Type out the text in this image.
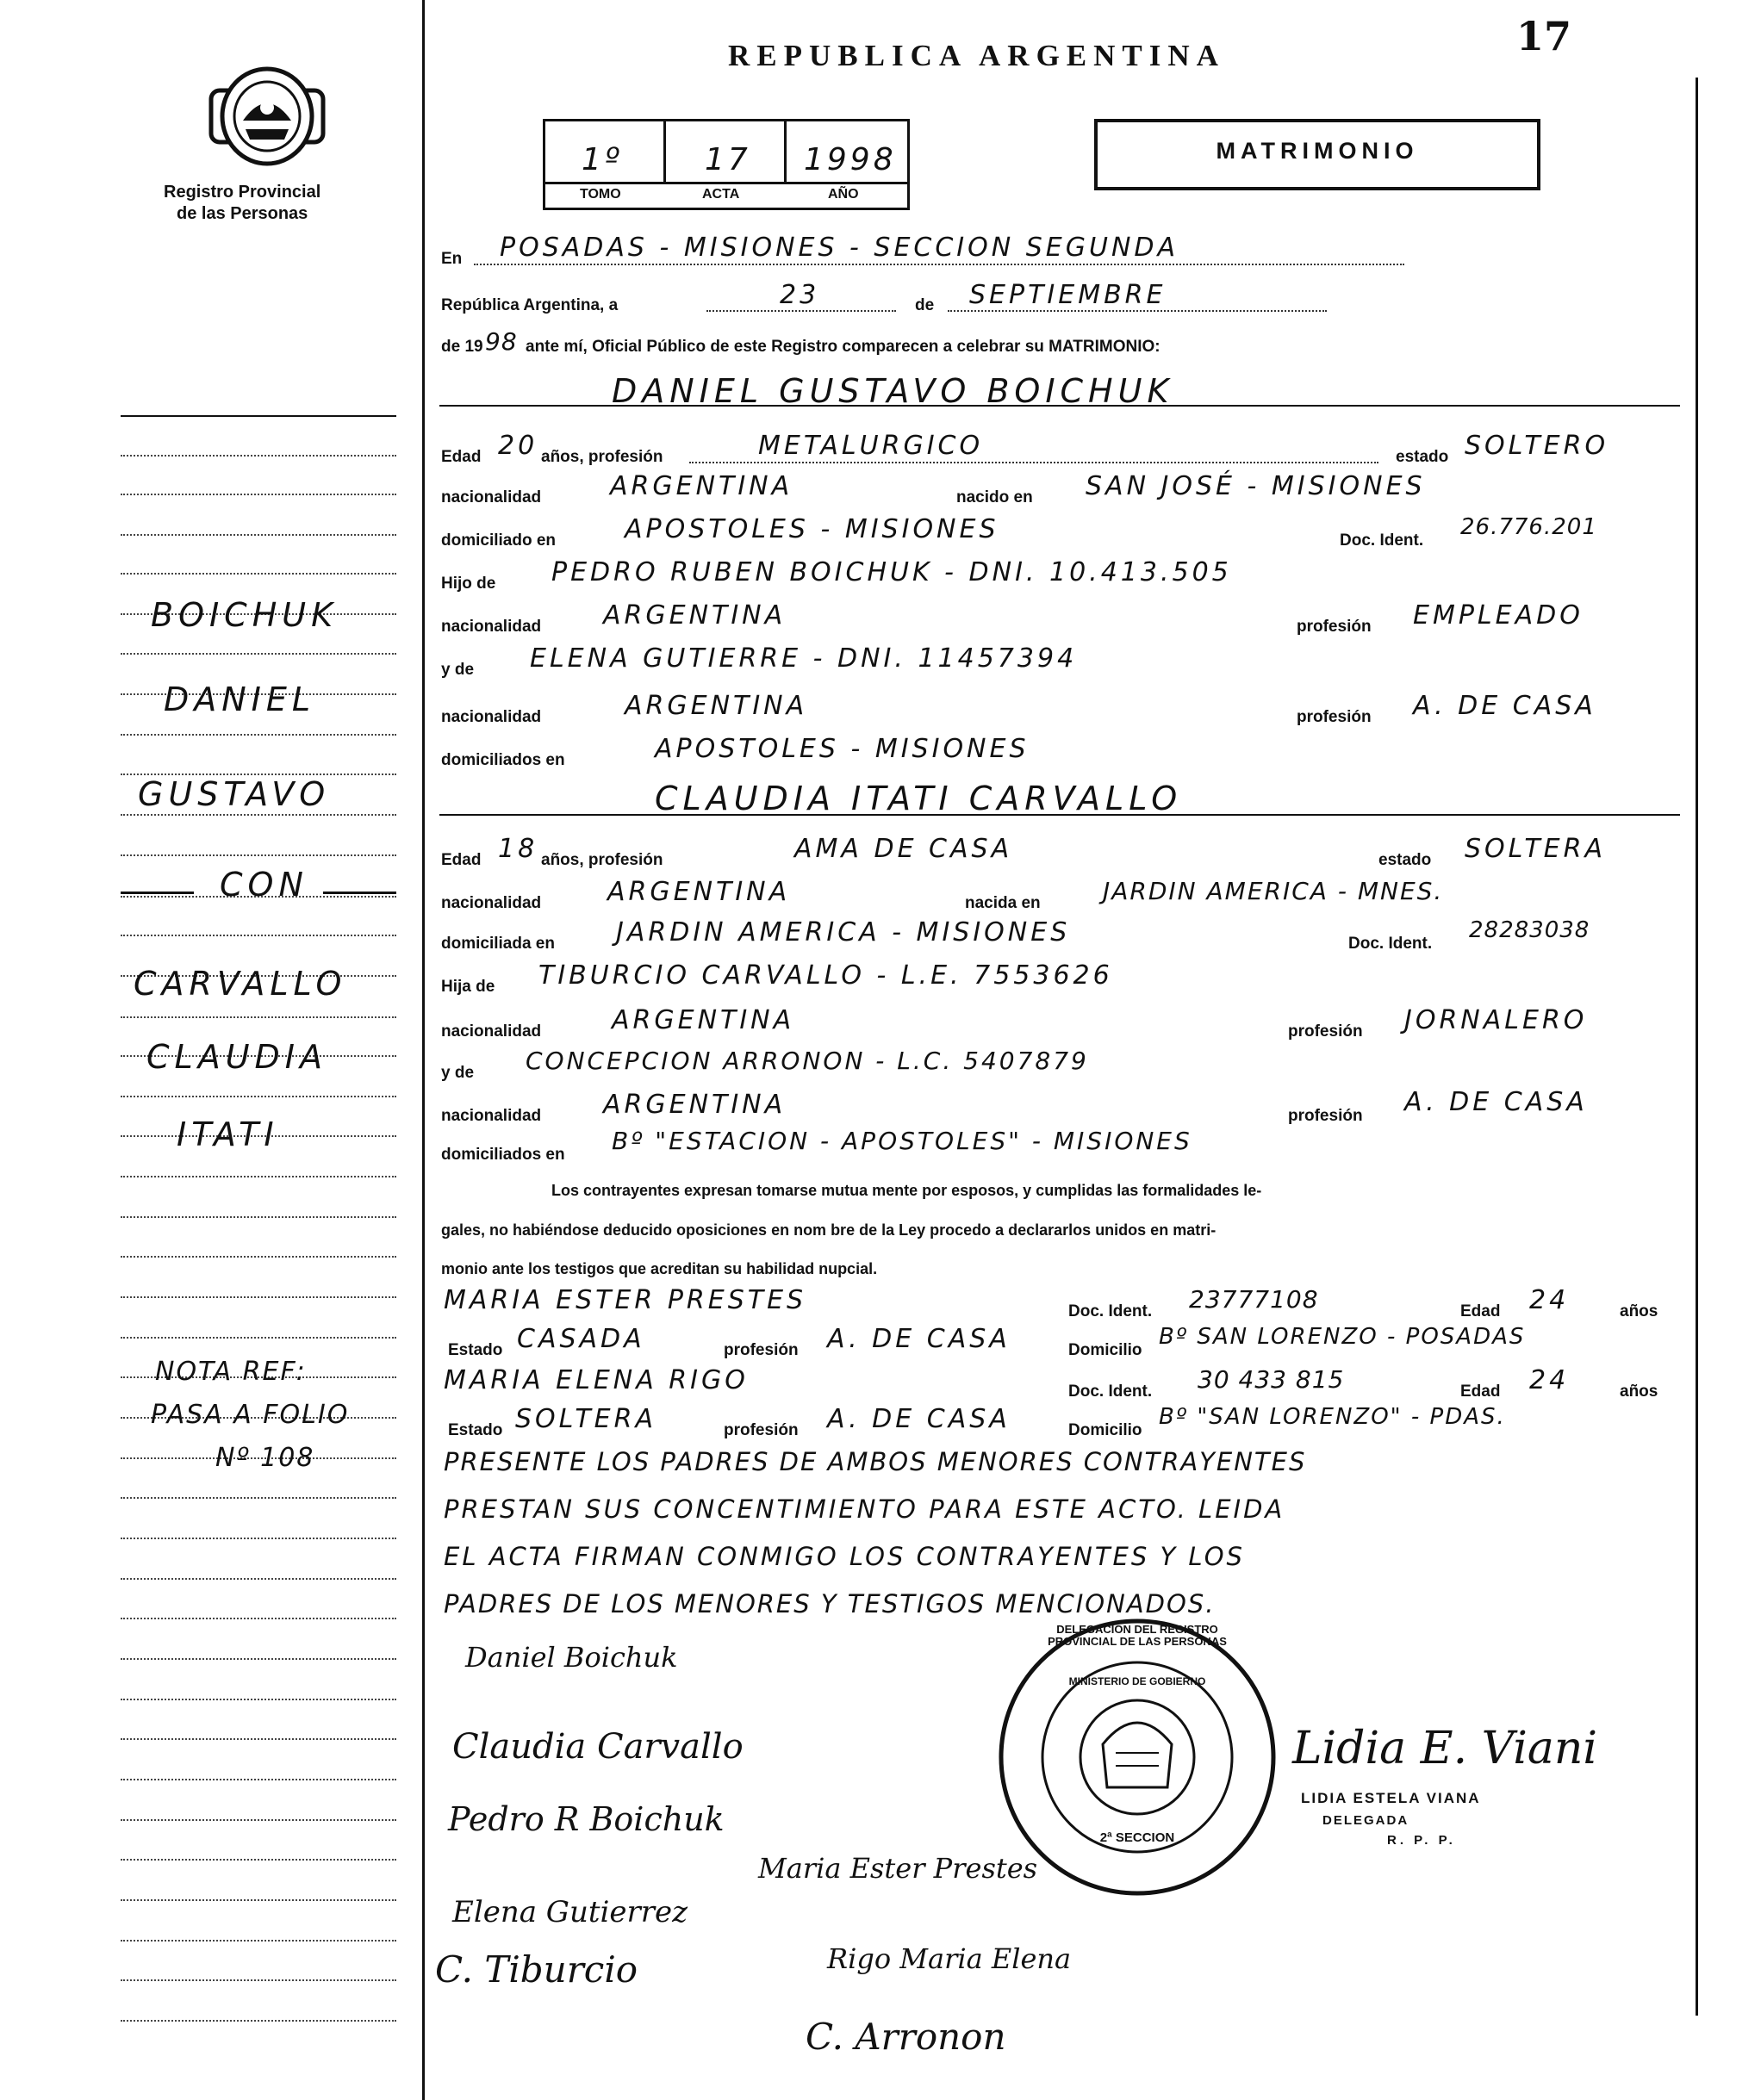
17
REPUBLICA ARGENTINA
Registro Provincial
de las Personas
1º	17 1998
TOMO	ACTA	AÑO
MATRIMONIO
En POSADAS - MISIONES - SECCION SEGUNDA
República Argentina, a	23	de SEPTIEMBRE
de 19 98 ante mí, Oficial Público de este Registro comparecen a celebrar su MATRIMONIO:
DANIEL GUSTAVO BOICHUK
Edad 20 años, profesión	METALURGICO	estado SOLTERO
nacionalidad	ARGENTINA	nacido en SAN JOSÉ - MISIONES
domiciliado en	APOSTOLES - MISIONES	Doc. Ident.
26.776.201
Hijo de PEDRO RUBEN BOICHUK - DNI. 10.413.505
nacionalidad ARGENTINA	profesión EMPLEADO
y de ELENA GUTIERRE - DNI. 11457394
nacionalidad	ARGENTINA	profesión A. DE CASA
domiciliados en	APOSTOLES - MISIONES
CLAUDIA ITATI CARVALLO
Edad 18 años, profesión	AMA DE CASA	estado SOLTERA
nacionalidad	ARGENTINA	nacida en	JARDIN AMERICA - MNES.
domiciliada en JARDIN AMERICA - MISIONES	Doc. Ident.
28283038
Hija de TIBURCIO CARVALLO - L.E. 7553626
nacionalidad	ARGENTINA	profesión JORNALERO
y de CONCEPCION ARRONON - L.C. 5407879
nacionalidad ARGENTINA	profesión A. DE CASA
domiciliados en Bº "ESTACION - APOSTOLES" - MISIONES
Los contrayentes expresan tomarse mutua mente por esposos, y cumplidas las formalidades le-
gales, no habiéndose deducido oposiciones en nom bre de la Ley procedo a declararlos unidos en matri-
monio ante los testigos que acreditan su habilidad nupcial.
MARIA ESTER PRESTES	Doc. Ident. 23777108	Edad 24	años
Estado CASADA	profesión A. DE CASA	Domicilio
Bº SAN LORENZO - POSADAS
MARIA ELENA RIGO	Doc. Ident. 30 433 815	Edad 24	años
Estado SOLTERA	profesión A. DE CASA	Domicilio
Bº "SAN LORENZO" - PDAS.
PRESENTE LOS PADRES DE AMBOS MENORES CONTRAYENTES
PRESTAN SUS CONCENTIMIENTO PARA ESTE ACTO. LEIDA
EL ACTA FIRMAN CONMIGO LOS CONTRAYENTES Y LOS
PADRES DE LOS MENORES Y TESTIGOS MENCIONADOS.
Daniel Boichuk
Claudia Carvallo
Pedro R Boichuk
Maria Ester Prestes
Elena Gutierrez
C. Tiburcio	Rigo Maria Elena
C. Arronon
DELEGACION DEL REGISTRO PROVINCIAL DE LAS PERSONAS
MINISTERIO DE GOBIERNO
2ª SECCION
Lidia E. Viani
LIDIA ESTELA VIANA
DELEGADA
R. P. P.
BOICHUK
DANIEL
GUSTAVO
CON
CARVALLO
CLAUDIA
ITATI
NOTA REF:
PASA A FOLIO
Nº 108
